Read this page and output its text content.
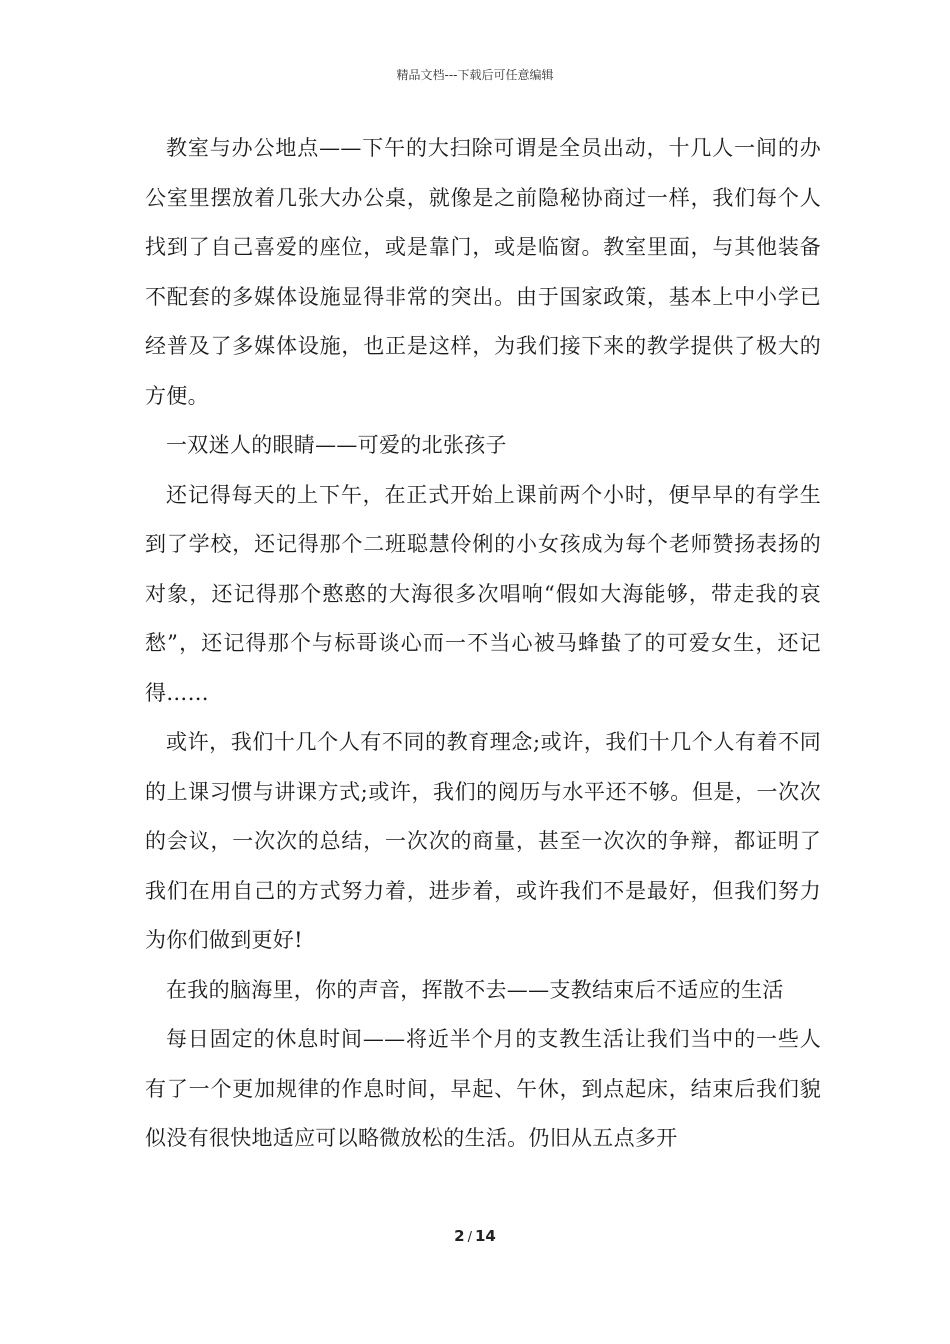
精品文档---下载后可任意编辑

教室与办公地点——下午的大扫除可谓是全员出动，十几人一间的办公室里摆放着几张大办公桌，就像是之前隐秘协商过一样，我们每个人找到了自己喜爱的座位，或是靠门，或是临窗。教室里面，与其他装备不配套的多媒体设施显得非常的突出。由于国家政策，基本上中小学已经普及了多媒体设施，也正是这样，为我们接下来的教学提供了极大的方便。

一双迷人的眼睛——可爱的北张孩子

还记得每天的上下午，在正式开始上课前两个小时，便早早的有学生到了学校，还记得那个二班聪慧伶俐的小女孩成为每个老师赞扬表扬的对象，还记得那个憨憨的大海很多次唱响“假如大海能够，带走我的哀愁”，还记得那个与标哥谈心而一不当心被马蜂蛰了的可爱女生，还记得……

或许，我们十几个人有不同的教育理念;或许，我们十几个人有着不同的上课习惯与讲课方式;或许，我们的阅历与水平还不够。但是，一次次的会议，一次次的总结，一次次的商量，甚至一次次的争辩，都证明了我们在用自己的方式努力着，进步着，或许我们不是最好，但我们努力为你们做到更好!

在我的脑海里，你的声音，挥散不去——支教结束后不适应的生活

每日固定的休息时间——将近半个月的支教生活让我们当中的一些人有了一个更加规律的作息时间，早起、午休，到点起床，结束后我们貌似没有很快地适应可以略微放松的生活。仍旧从五点多开

2 / 14
